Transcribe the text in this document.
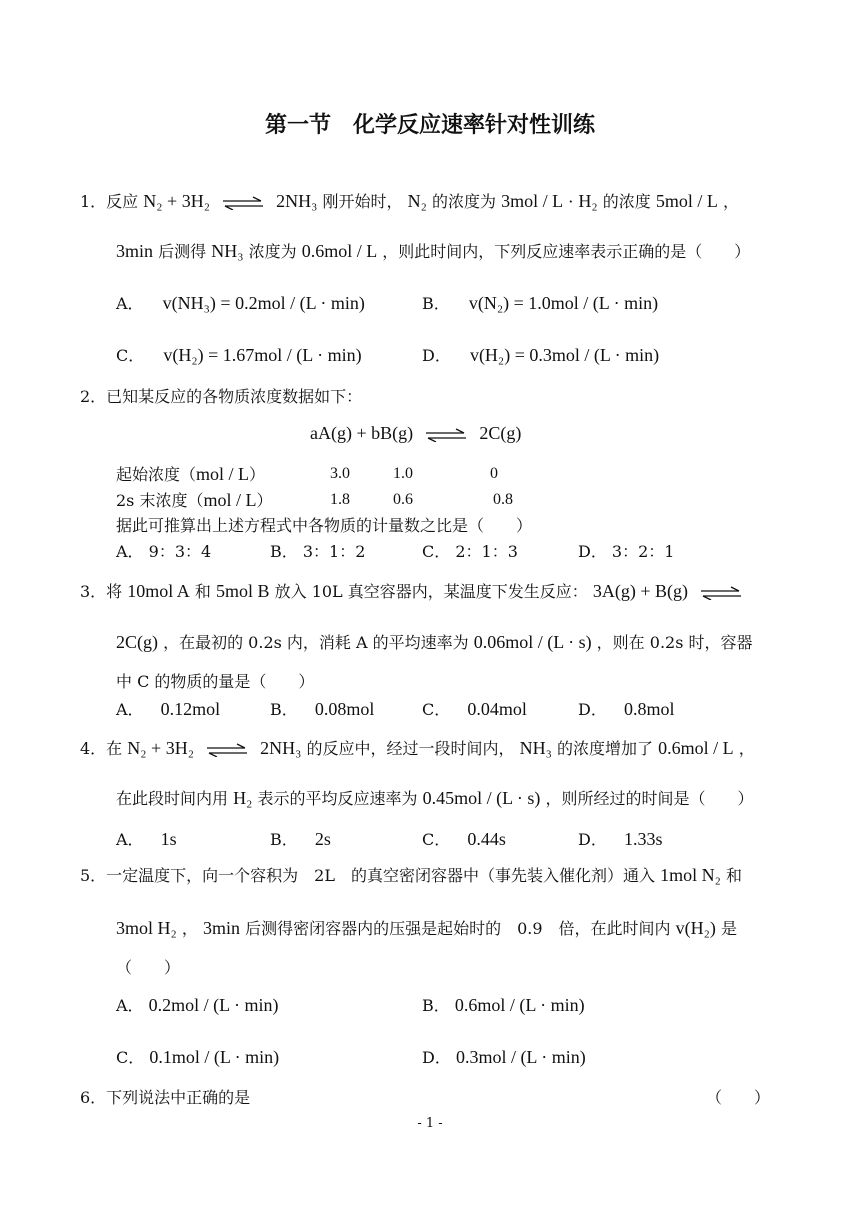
第一节　化学反应速率针对性训练
1．反应 N₂ + 3H₂ ⇌ 2NH₃ 刚开始时， N₂ 的浓度为 3mol / L · H₂ 的浓度 5mol / L ，
3min 后测得 NH₃ 浓度为 0.6mol / L ，则此时间内，下列反应速率表示正确的是（　　）
A． v(NH₃) = 0.2mol / (L · min)	B． v(N₂) = 1.0mol / (L · min)
C． v(H₂) = 1.67mol / (L · min)	D． v(H₂) = 0.3mol / (L · min)
2．已知某反应的各物质浓度数据如下：
aA(g) + bB(g) ⇌ 2C(g)
起始浓度（mol / L）	3.0	1.0	0
2s 末浓度（mol / L）	1.8	0.6	0.8
据此可推算出上述方程式中各物质的计量数之比是（　　）
A． 9：3：4	B． 3：1：2	C． 2：1：3	D． 3：2：1
3．将 10mol A 和 5mol B 放入 10L 真空容器内，某温度下发生反应： 3A(g) + B(g) ⇌
2C(g) ，在最初的 0.2s 内，消耗 A 的平均速率为 0.06mol / (L · s) ，则在 0.2s 时，容器
中 C 的物质的量是（　　）
A． 0.12mol	B． 0.08mol	C． 0.04mol	D． 0.8mol
4．在 N₂ + 3H₂ ⇌ 2NH₃ 的反应中，经过一段时间内， NH₃ 的浓度增加了 0.6mol / L ，
在此段时间内用 H₂ 表示的平均反应速率为 0.45mol / (L · s) ，则所经过的时间是（　　）
A． 1s	B． 2s	C． 0.44s	D． 1.33s
5．一定温度下，向一个容积为　2L　的真空密闭容器中（事先装入催化剂）通入 1mol N₂ 和
3mol H₂ ， 3min 后测得密闭容器内的压强是起始时的　0.9　倍，在此时间内 v(H₂) 是
（　　）
A． 0.2mol / (L · min)	B． 0.6mol / (L · min)
C． 0.1mol / (L · min)	D． 0.3mol / (L · min)
6．下列说法中正确的是	（　　）
- 1 -
